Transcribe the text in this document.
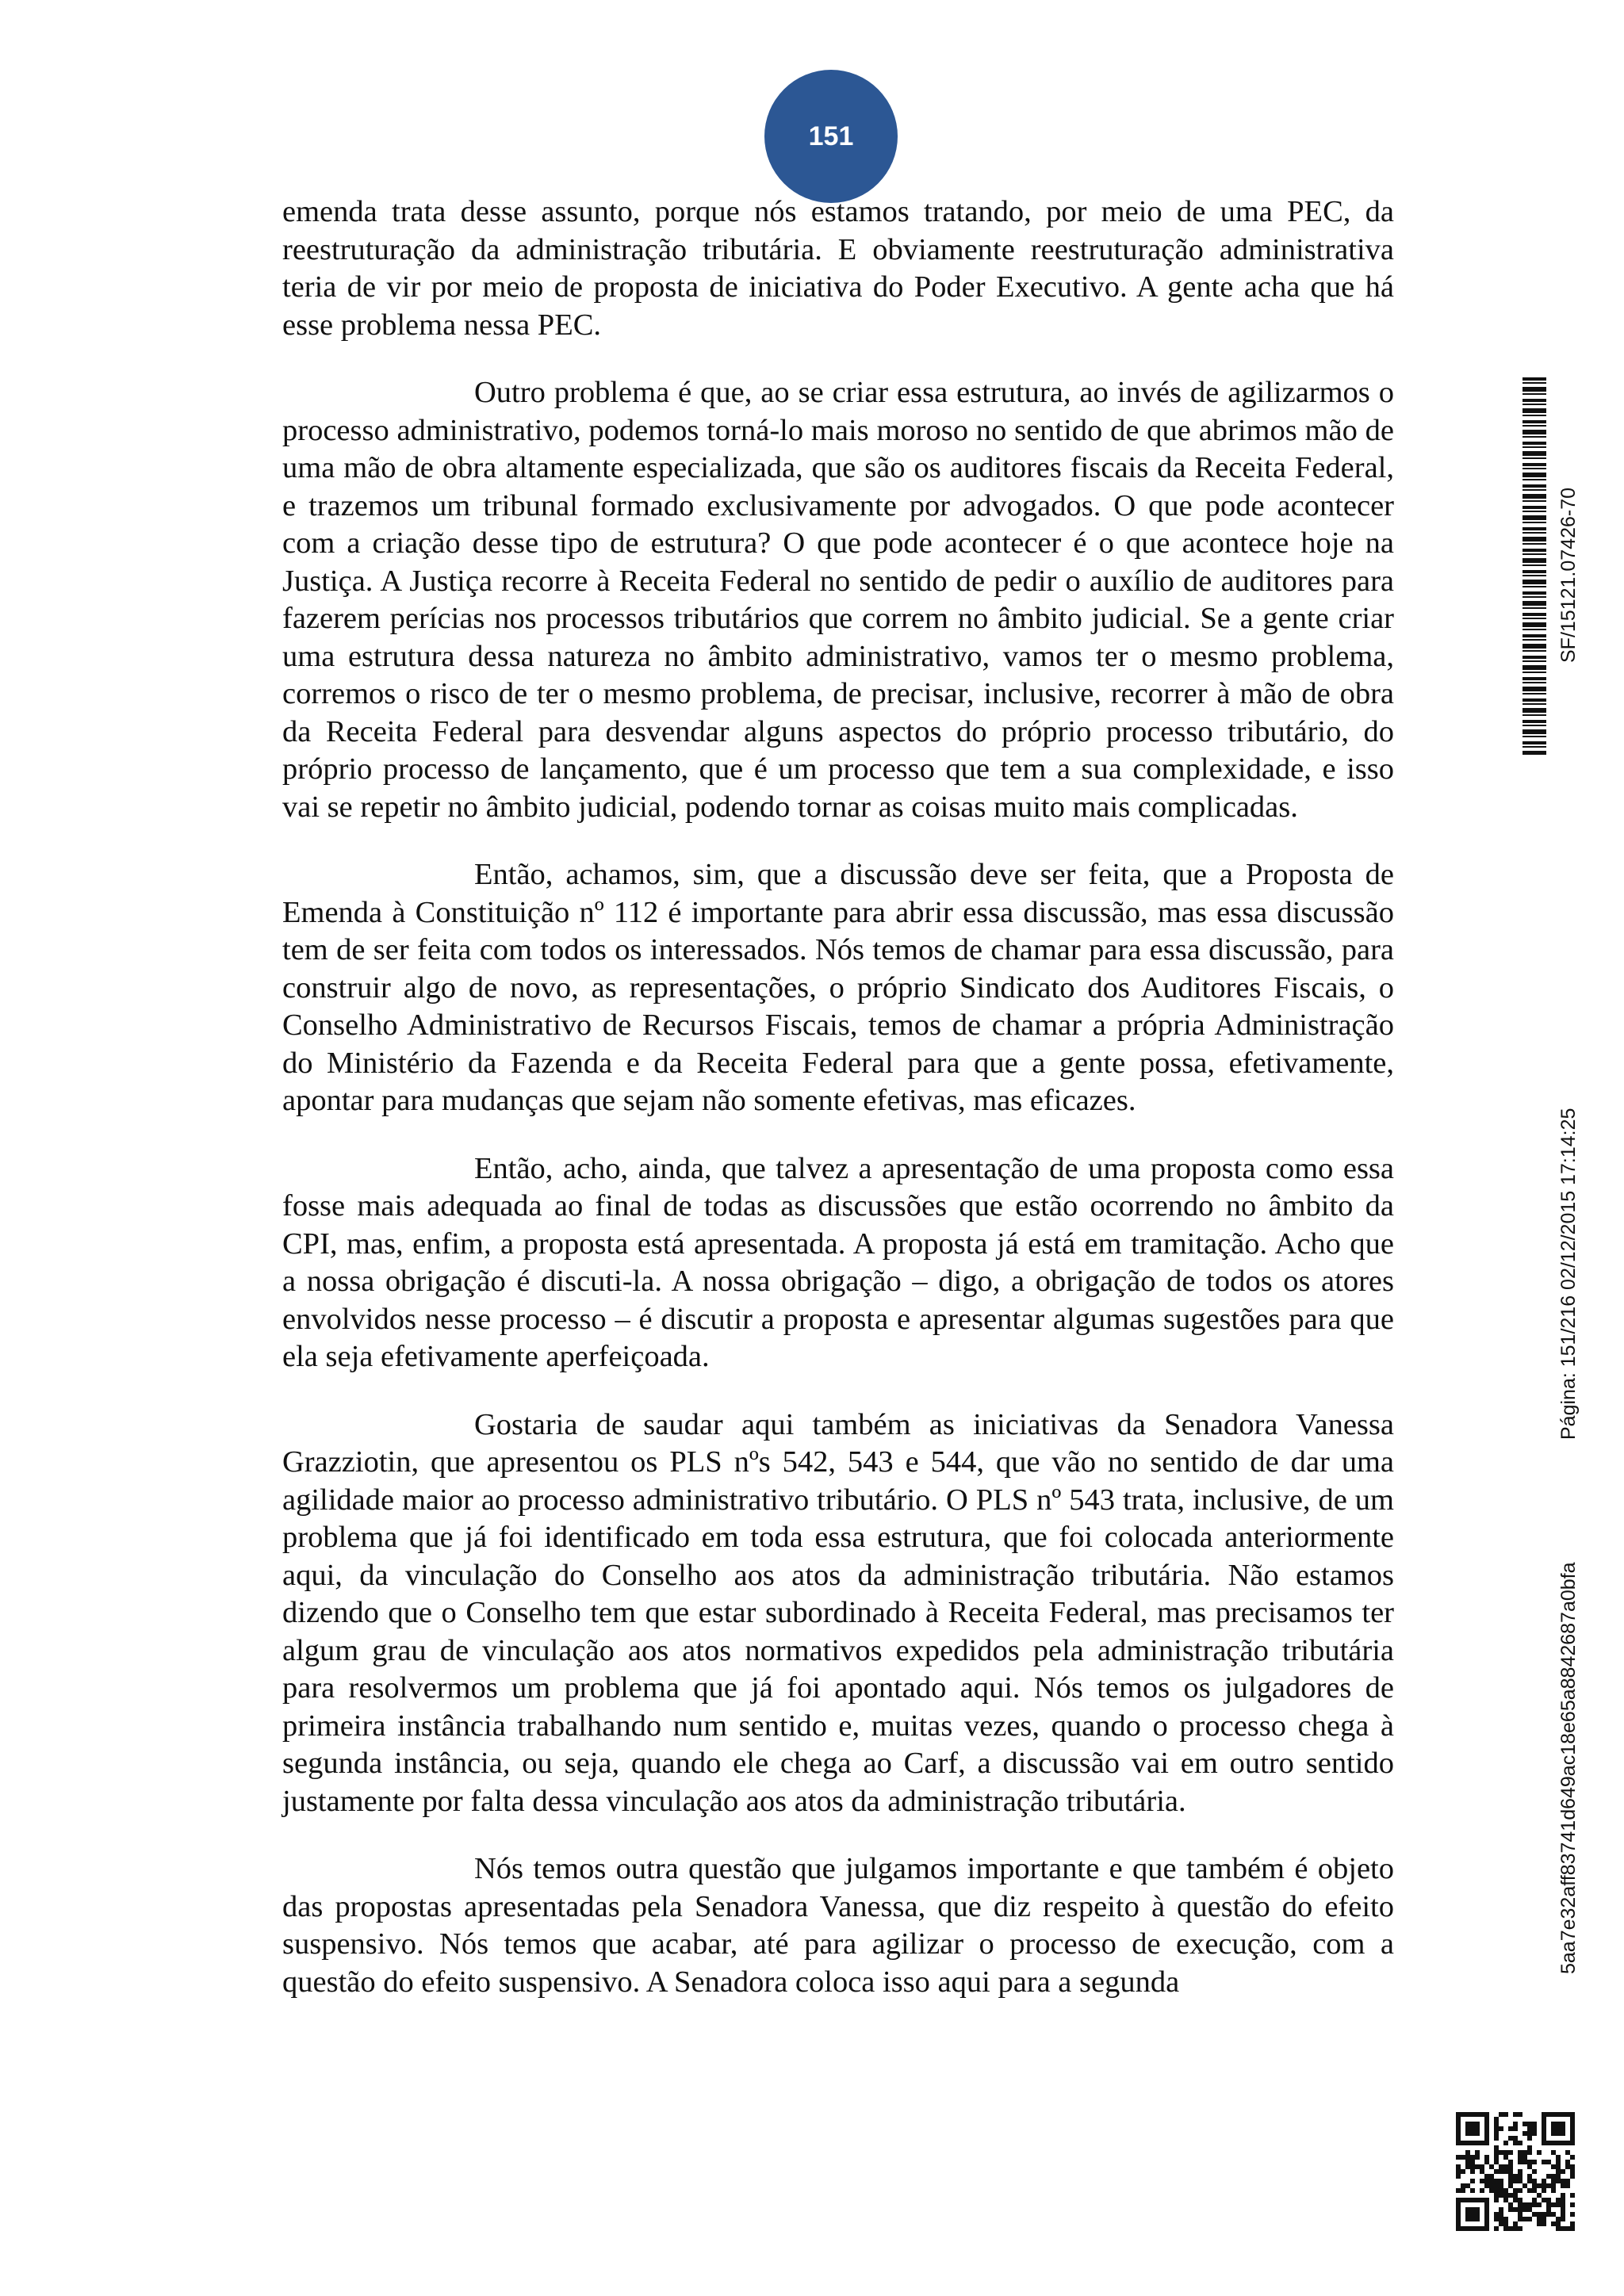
151

emenda trata desse assunto, porque nós estamos tratando, por meio de uma PEC, da reestruturação da administração tributária. E obviamente reestruturação administrativa teria de vir por meio de proposta de iniciativa do Poder Executivo. A gente acha que há esse problema nessa PEC.

Outro problema é que, ao se criar essa estrutura, ao invés de agilizarmos o processo administrativo, podemos torná-lo mais moroso no sentido de que abrimos mão de uma mão de obra altamente especializada, que são os auditores fiscais da Receita Federal, e trazemos um tribunal formado exclusivamente por advogados. O que pode acontecer com a criação desse tipo de estrutura? O que pode acontecer é o que acontece hoje na Justiça. A Justiça recorre à Receita Federal no sentido de pedir o auxílio de auditores para fazerem perícias nos processos tributários que correm no âmbito judicial. Se a gente criar uma estrutura dessa natureza no âmbito administrativo, vamos ter o mesmo problema, corremos o risco de ter o mesmo problema, de precisar, inclusive, recorrer à mão de obra da Receita Federal para desvendar alguns aspectos do próprio processo tributário, do próprio processo de lançamento, que é um processo que tem a sua complexidade, e isso vai se repetir no âmbito judicial, podendo tornar as coisas muito mais complicadas.

Então, achamos, sim, que a discussão deve ser feita, que a Proposta de Emenda à Constituição nº 112 é importante para abrir essa discussão, mas essa discussão tem de ser feita com todos os interessados. Nós temos de chamar para essa discussão, para construir algo de novo, as representações, o próprio Sindicato dos Auditores Fiscais, o Conselho Administrativo de Recursos Fiscais, temos de chamar a própria Administração do Ministério da Fazenda e da Receita Federal para que a gente possa, efetivamente, apontar para mudanças que sejam não somente efetivas, mas eficazes.

Então, acho, ainda, que talvez a apresentação de uma proposta como essa fosse mais adequada ao final de todas as discussões que estão ocorrendo no âmbito da CPI, mas, enfim, a proposta está apresentada. A proposta já está em tramitação. Acho que a nossa obrigação é discuti-la. A nossa obrigação – digo, a obrigação de todos os atores envolvidos nesse processo – é discutir a proposta e apresentar algumas sugestões para que ela seja efetivamente aperfeiçoada.

Gostaria de saudar aqui também as iniciativas da Senadora Vanessa Grazziotin, que apresentou os PLS nºs 542, 543 e 544, que vão no sentido de dar uma agilidade maior ao processo administrativo tributário. O PLS nº 543 trata, inclusive, de um problema que já foi identificado em toda essa estrutura, que foi colocada anteriormente aqui, da vinculação do Conselho aos atos da administração tributária. Não estamos dizendo que o Conselho tem que estar subordinado à Receita Federal, mas precisamos ter algum grau de vinculação aos atos normativos expedidos pela administração tributária para resolvermos um problema que já foi apontado aqui. Nós temos os julgadores de primeira instância trabalhando num sentido e, muitas vezes, quando o processo chega à segunda instância, ou seja, quando ele chega ao Carf, a discussão vai em outro sentido justamente por falta dessa vinculação aos atos da administração tributária.

Nós temos outra questão que julgamos importante e que também é objeto das propostas apresentadas pela Senadora Vanessa, que diz respeito à questão do efeito suspensivo. Nós temos que acabar, até para agilizar o processo de execução, com a questão do efeito suspensivo. A Senadora coloca isso aqui para a segunda

SF/15121.07426-70
Página: 151/216 02/12/2015 17:14:25
5aa7e32aff83741d649ac18e65a8842687a0bfa
